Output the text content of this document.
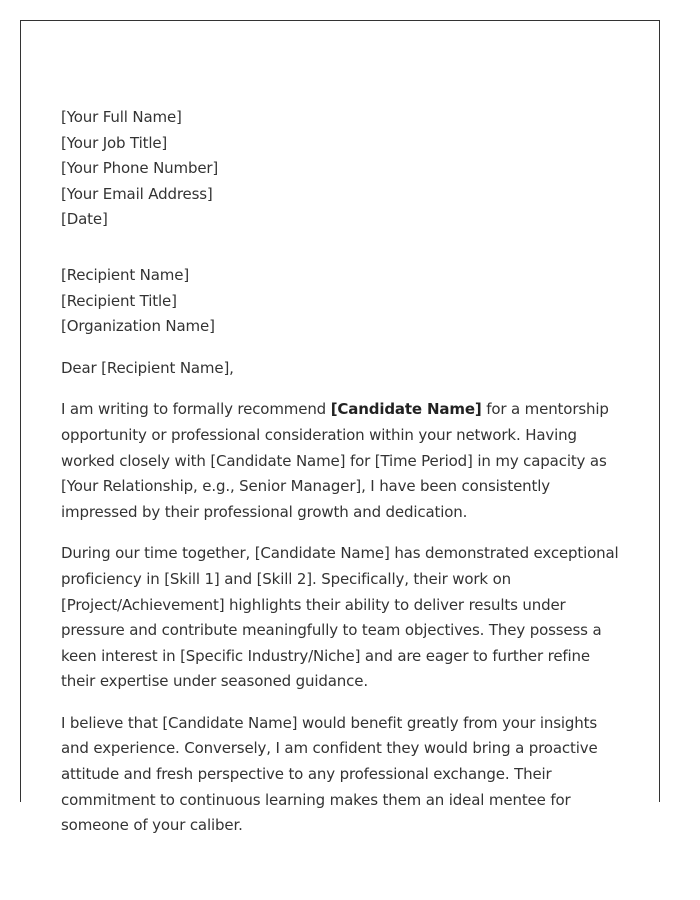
[Your Full Name]
[Your Job Title]
[Your Phone Number]
[Your Email Address]
[Date]
[Recipient Name]
[Recipient Title]
[Organization Name]
Dear [Recipient Name],

I am writing to formally recommend [Candidate Name] for a mentorship opportunity or professional consideration within your network. Having worked closely with [Candidate Name] for [Time Period] in my capacity as [Your Relationship, e.g., Senior Manager], I have been consistently impressed by their professional growth and dedication.

During our time together, [Candidate Name] has demonstrated exceptional proficiency in [Skill 1] and [Skill 2]. Specifically, their work on [Project/Achievement] highlights their ability to deliver results under pressure and contribute meaningfully to team objectives. They possess a keen interest in [Specific Industry/Niche] and are eager to further refine their expertise under seasoned guidance.

I believe that [Candidate Name] would benefit greatly from your insights and experience. Conversely, I am confident they would bring a proactive attitude and fresh perspective to any professional exchange. Their commitment to continuous learning makes them an ideal mentee for someone of your caliber.
